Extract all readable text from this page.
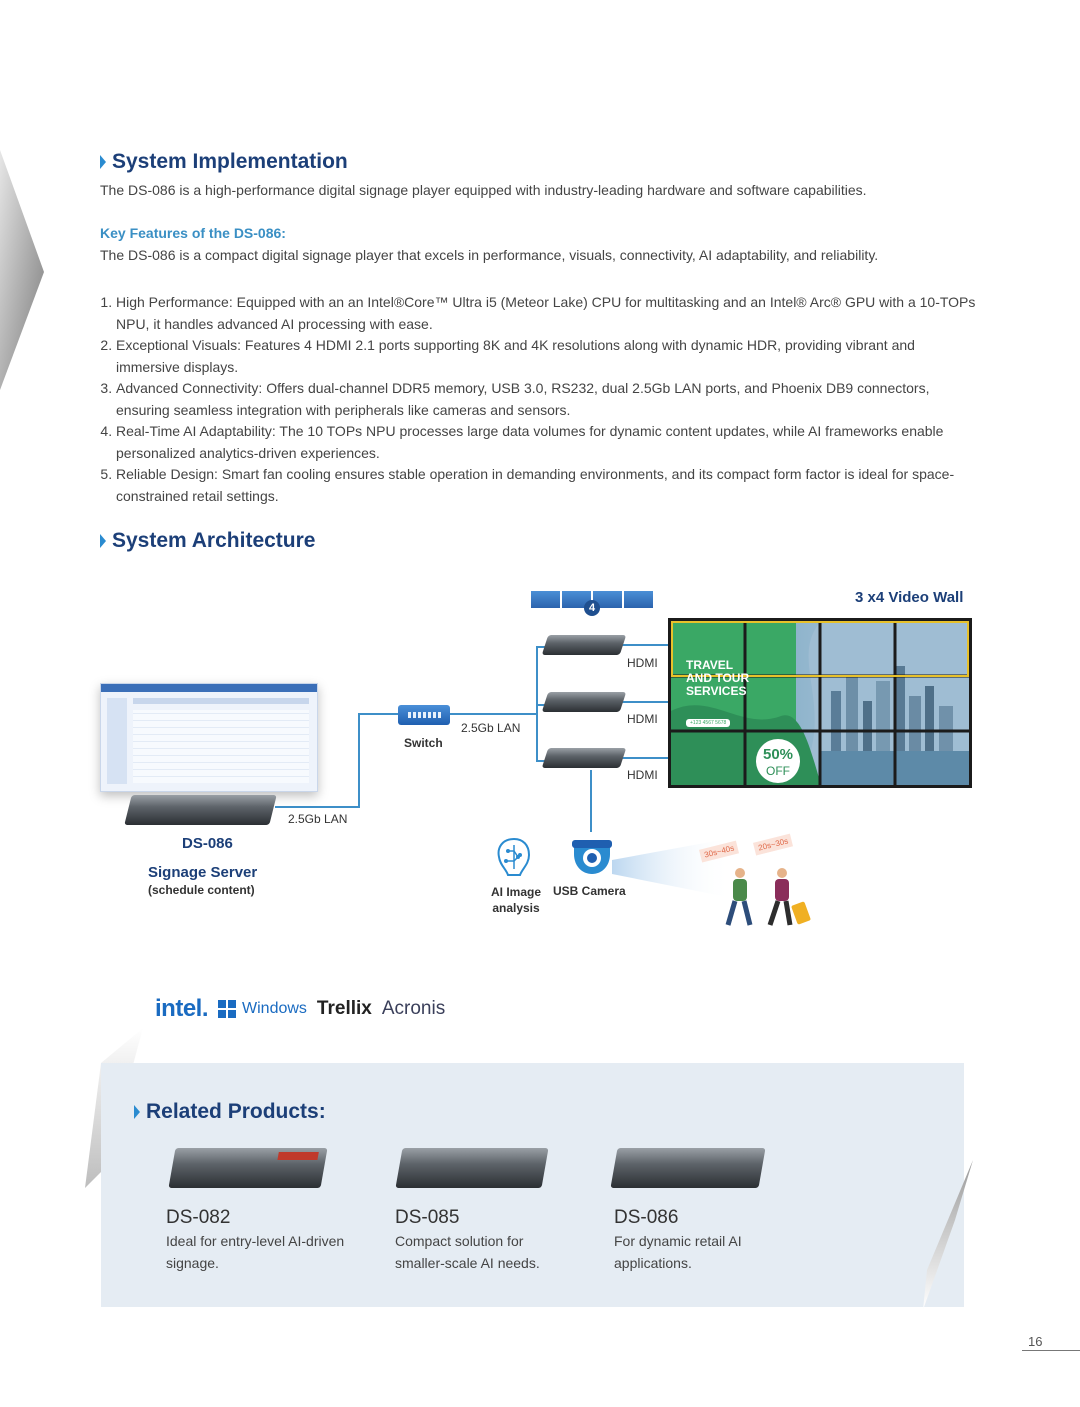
System Implementation
The DS-086 is a high-performance digital signage player equipped with industry-leading hardware and software capabilities.
Key Features of the DS-086:
The DS-086 is a compact digital signage player that excels in performance, visuals, connectivity, AI adaptability, and reliability.
1. High Performance: Equipped with an an Intel®Core™ Ultra i5 (Meteor Lake) CPU for multitasking and an Intel® Arc® GPU with a 10-TOPs NPU, it handles advanced AI processing with ease.
2. Exceptional Visuals: Features 4 HDMI 2.1 ports supporting 8K and 4K resolutions along with dynamic HDR, providing vibrant and immersive displays.
3. Advanced Connectivity: Offers dual-channel DDR5 memory, USB 3.0, RS232, dual 2.5Gb LAN ports, and Phoenix DB9 connectors, ensuring seamless integration with peripherals like cameras and sensors.
4. Real-Time AI Adaptability: The 10 TOPs NPU processes large data volumes for dynamic content updates, while AI frameworks enable personalized analytics-driven experiences.
5. Reliable Design: Smart fan cooling ensures stable operation in demanding environments, and its compact form factor is ideal for space-constrained retail settings.
System Architecture
4
HDMI
HDMI
HDMI
3 x4 Video Wall
TRAVEL
AND TOUR
SERVICES
+123 4567 5678
50%
OFF
Switch
2.5Gb LAN
2.5Gb LAN
DS-086
Signage Server
(schedule content)	AI Image
analysis
USB Camera
30s~40s	20s~30s
intel. Windows Trellix Acronis
Related Products:
DS-082
Ideal for entry-level AI-driven
signage.
DS-085
Compact solution for
smaller-scale AI needs.
DS-086
For dynamic retail AI
applications.
16
